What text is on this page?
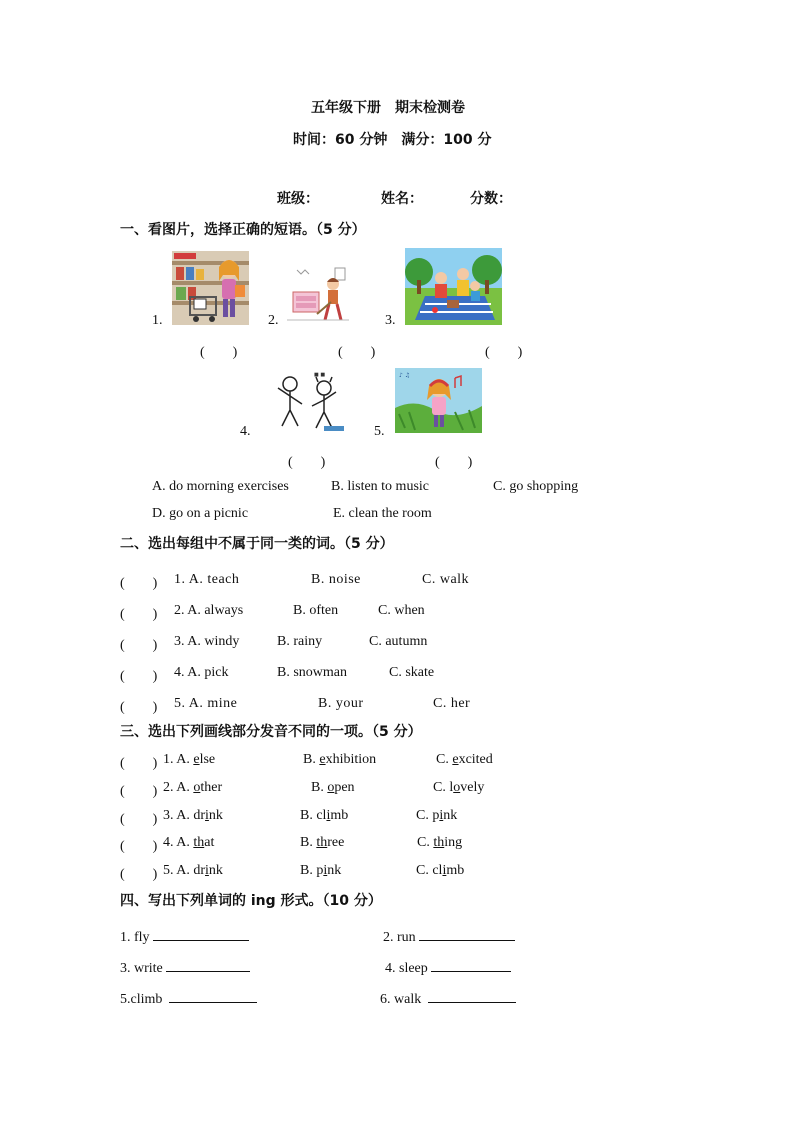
五年级下册　期末检测卷
时间：60 分钟　满分：100 分
班级：	姓名：	分数：
一、看图片，选择正确的短语。（5 分）
1.	2.	3.
(　　)	(　　)	(　　)
4.
■ ■
5.
♪ ♫
(　　)	(　　)
A. do morning exercises	B. listen to music	C. go shopping
D. go on a picnic	E. clean the room
二、选出每组中不属于同一类的词。（5 分）
(　　) 1. A. teach	B. noise	C. walk
(　　) 2. A. always	B. often	C. when
(　　) 3. A. windy	B. rainy	C. autumn
(　　) 4. A. pick	B. snowman	C. skate
(　　) 5. A. mine	B. your	C. her
三、选出下列画线部分发音不同的一项。（5 分）
(　　) 1. A. else	B. exhibition	C. excited
(　　) 2. A. other	B. open	C. lovely
(　　) 3. A. drink	B. climb	C. pink
(　　) 4. A. that	B. three	C. thing
(　　) 5. A. drink	B. pink	C. climb
四、写出下列单词的 ing 形式。（10 分）
1. fly	2. run
3. write	4. sleep
5.climb	6. walk
